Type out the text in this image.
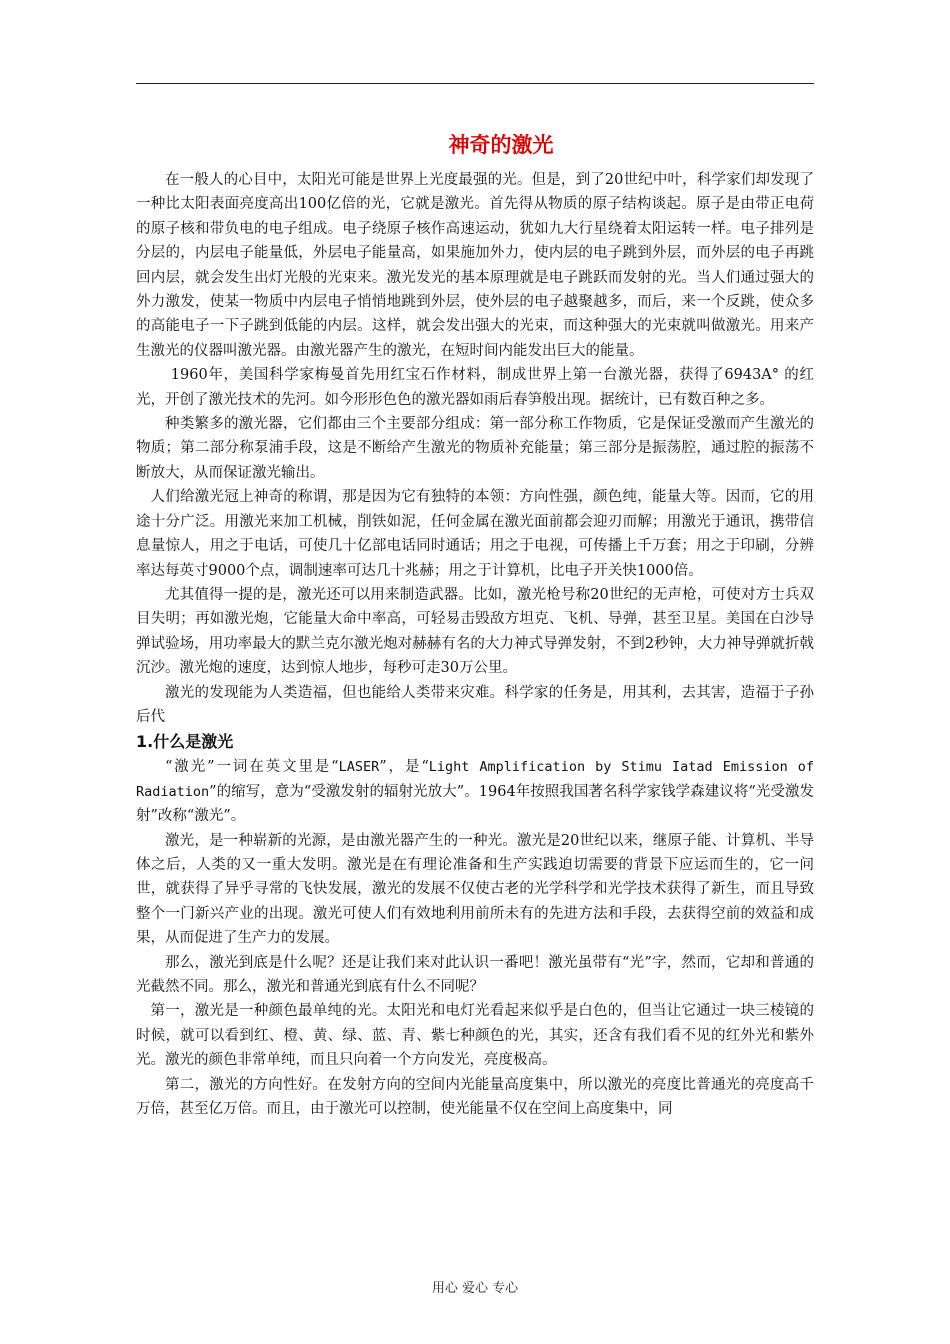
神奇的激光

在一般人的心目中，太阳光可能是世界上光度最强的光。但是，到了20世纪中叶，科学家们却发现了一种比太阳表面亮度高出100亿倍的光，它就是激光。首先得从物质的原子结构谈起。原子是由带正电荷的原子核和带负电的电子组成。电子绕原子核作高速运动，犹如九大行星绕着太阳运转一样。电子排列是分层的，内层电子能量低，外层电子能量高，如果施加外力，使内层的电子跳到外层，而外层的电子再跳回内层，就会发生出灯光般的光束来。激光发光的基本原理就是电子跳跃而发射的光。当人们通过强大的外力激发，使某一物质中内层电子悄悄地跳到外层，使外层的电子越聚越多，而后，来一个反跳，使众多的高能电子一下子跳到低能的内层。这样，就会发出强大的光束，而这种强大的光束就叫做激光。用来产生激光的仪器叫激光器。由激光器产生的激光，在短时间内能发出巨大的能量。

1960年，美国科学家梅曼首先用红宝石作材料，制成世界上第一台激光器，获得了6943A° 的红光，开创了激光技术的先河。如今形形色色的激光器如雨后春笋般出现。据统计，已有数百种之多。

种类繁多的激光器，它们都由三个主要部分组成：第一部分称工作物质，它是保证受激而产生激光的物质；第二部分称泵浦手段，这是不断给产生激光的物质补充能量；第三部分是振荡腔，通过腔的振荡不断放大，从而保证激光输出。

人们给激光冠上神奇的称谓，那是因为它有独特的本领：方向性强，颜色纯，能量大等。因而，它的用途十分广泛。用激光来加工机械，削铁如泥，任何金属在激光面前都会迎刃而解；用激光于通讯，携带信息量惊人，用之于电话，可使几十亿部电话同时通话；用之于电视，可传播上千万套；用之于印刷，分辨率达每英寸9000个点，调制速率可达几十兆赫；用之于计算机，比电子开关快1000倍。

尤其值得一提的是，激光还可以用来制造武器。比如，激光枪号称20世纪的无声枪，可使对方士兵双目失明；再如激光炮，它能量大命中率高，可轻易击毁敌方坦克、飞机、导弹，甚至卫星。美国在白沙导弹试验场，用功率最大的默兰克尔激光炮对赫赫有名的大力神式导弹发射，不到2秒钟，大力神导弹就折戟沉沙。激光炮的速度，达到惊人地步，每秒可走30万公里。

激光的发现能为人类造福，但也能给人类带来灾难。科学家的任务是，用其利，去其害，造福于子孙后代

1.什么是激光

“激光”一词在英文里是“LASER”，是“Light Amplification by Stimu Iatad Emission of Radiation”的缩写，意为“受激发射的辐射光放大”。1964年按照我国著名科学家钱学森建议将“光受激发射”改称“激光”。

激光，是一种崭新的光源，是由激光器产生的一种光。激光是20世纪以来，继原子能、计算机、半导体之后，人类的又一重大发明。激光是在有理论准备和生产实践迫切需要的背景下应运而生的，它一问世，就获得了异乎寻常的飞快发展，激光的发展不仅使古老的光学科学和光学技术获得了新生，而且导致整个一门新兴产业的出现。激光可使人们有效地利用前所未有的先进方法和手段，去获得空前的效益和成果，从而促进了生产力的发展。

那么，激光到底是什么呢？还是让我们来对此认识一番吧！激光虽带有“光”字，然而，它却和普通的光截然不同。那么，激光和普通光到底有什么不同呢？

第一，激光是一种颜色最单纯的光。太阳光和电灯光看起来似乎是白色的，但当让它通过一块三棱镜的时候，就可以看到红、橙、黄、绿、蓝、青、紫七种颜色的光，其实，还含有我们看不见的红外光和紫外光。激光的颜色非常单纯，而且只向着一个方向发光，亮度极高。

第二，激光的方向性好。在发射方向的空间内光能量高度集中，所以激光的亮度比普通光的亮度高千万倍，甚至亿万倍。而且，由于激光可以控制，使光能量不仅在空间上高度集中，同

用心 爱心 专心
